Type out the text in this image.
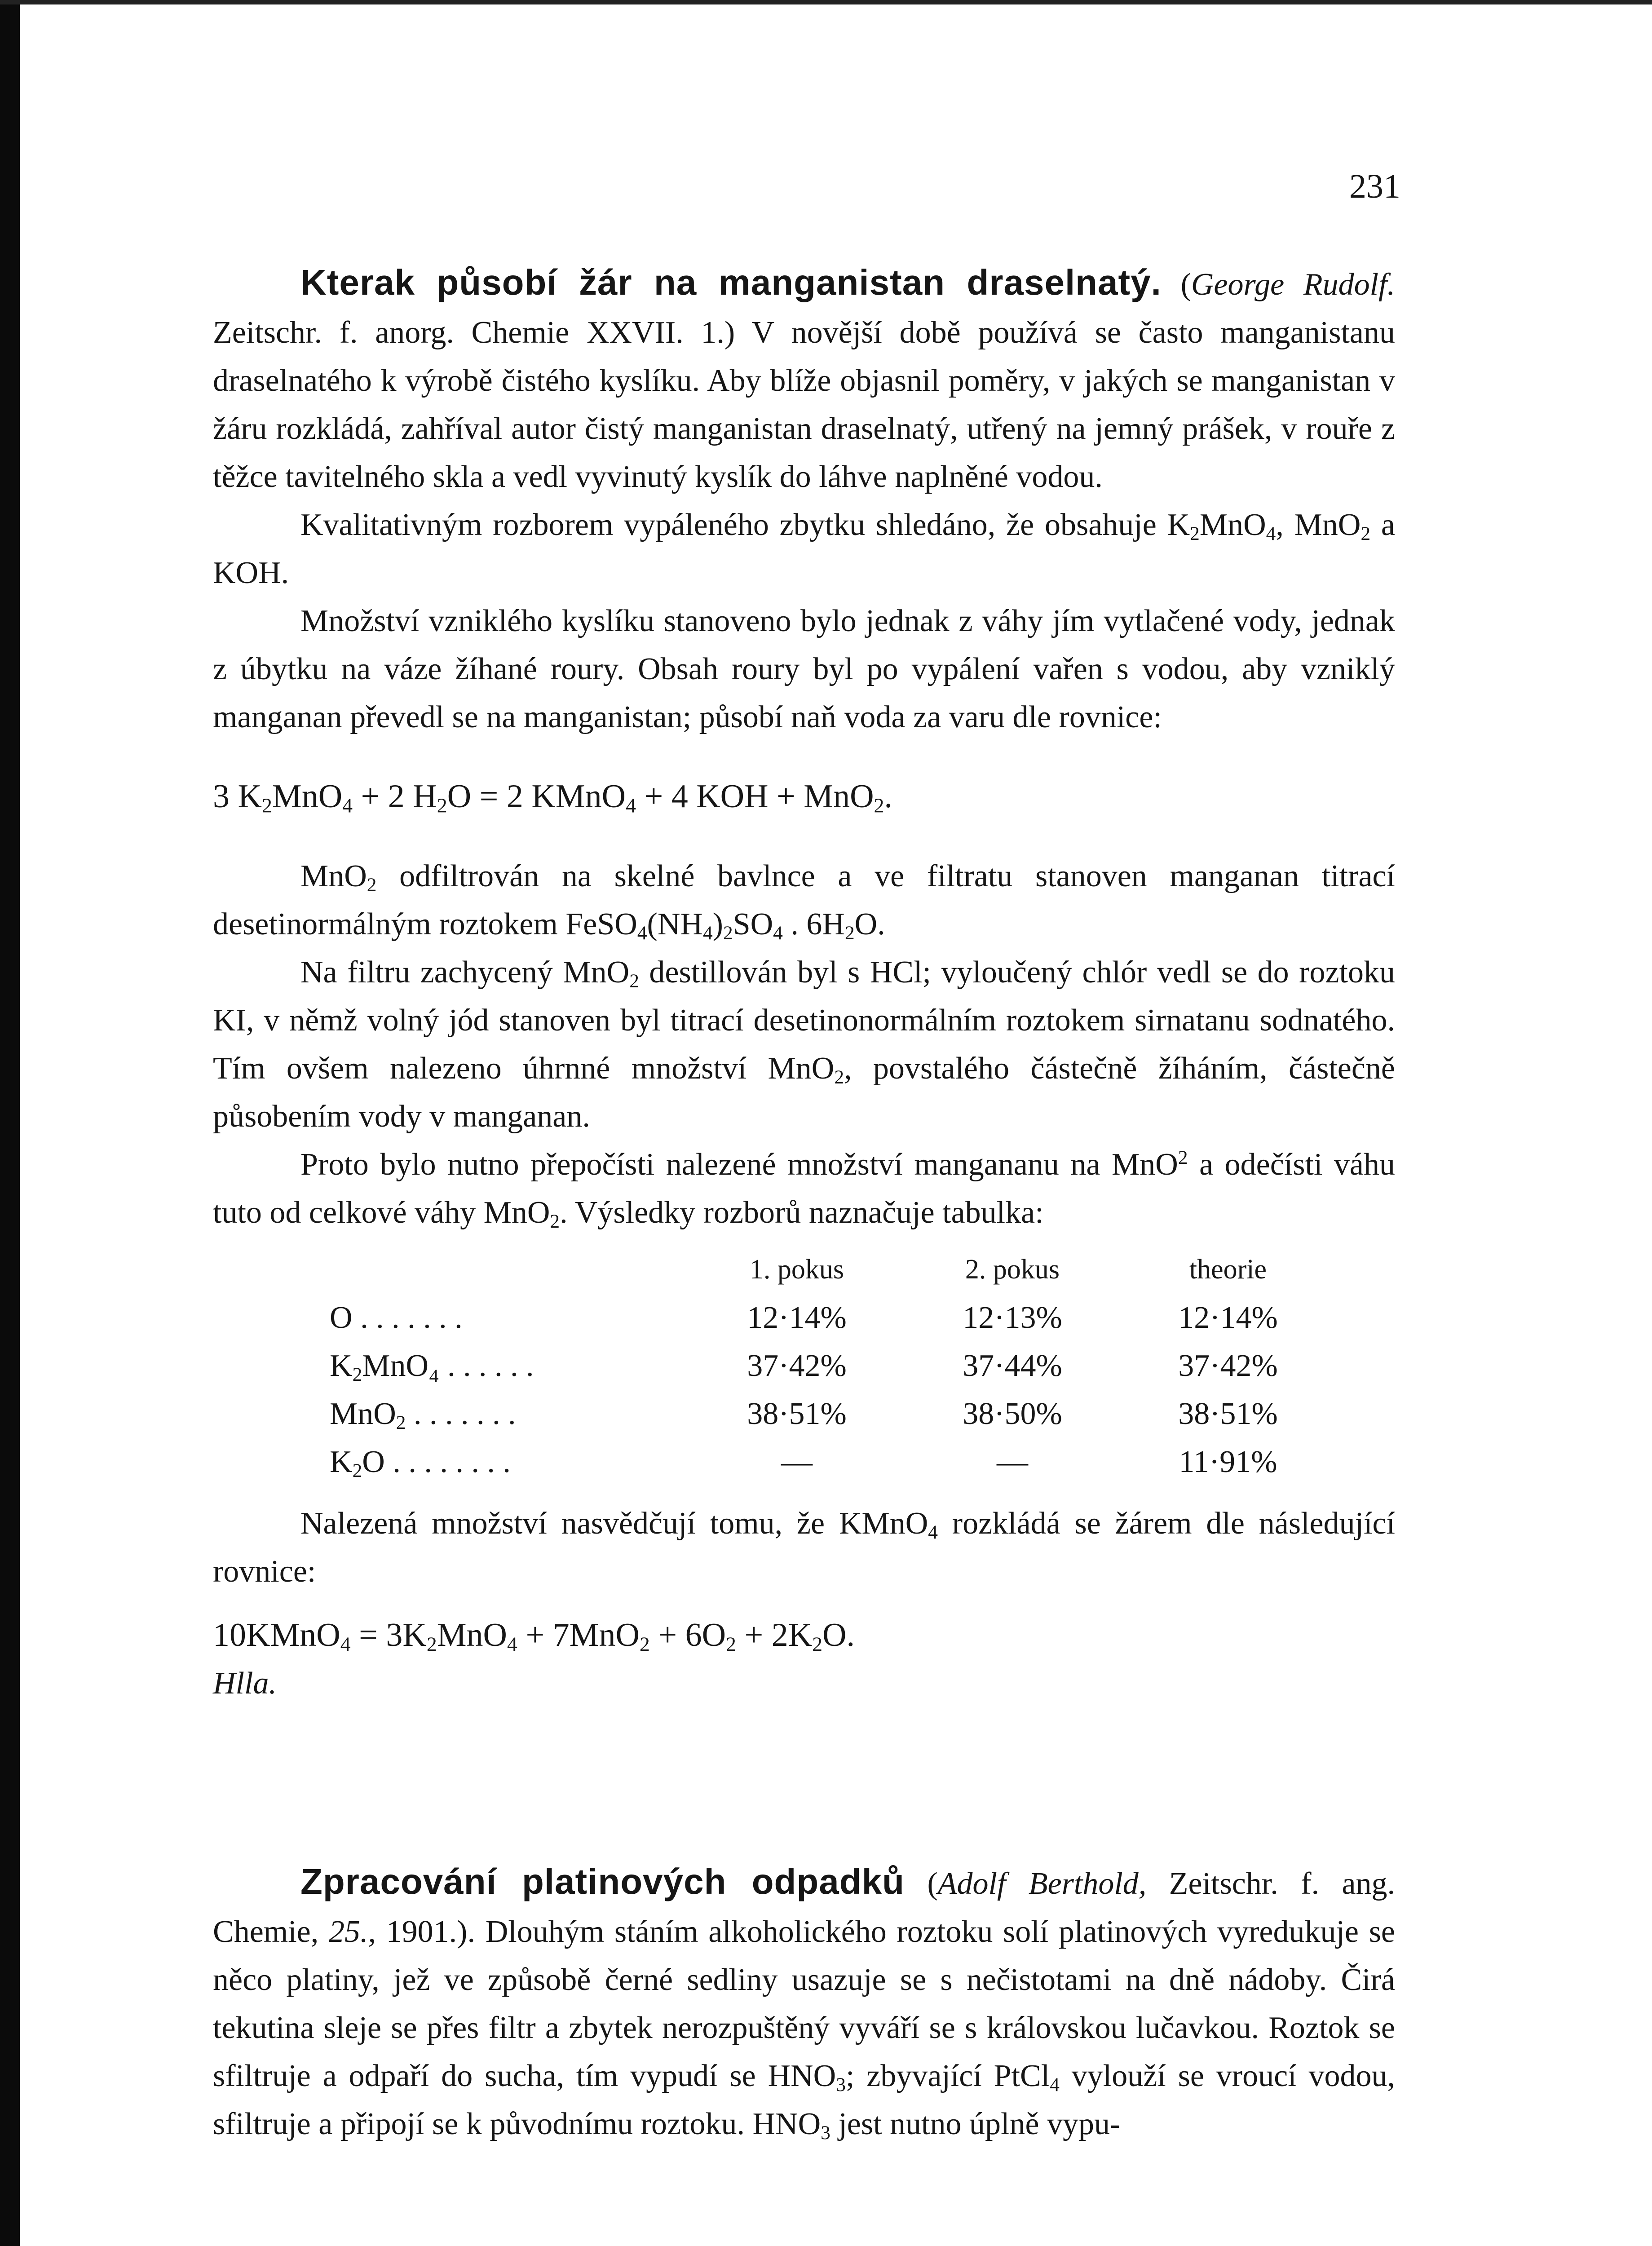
231

Kterak působí žár na manganistan draselnatý. (George Rudolf. Zeitschr. f. anorg. Chemie XXVII. 1.) V novější době používá se často manganistanu draselnatého k výrobě čistého kyslíku. Aby blíže objasnil poměry, v jakých se manganistan v žáru rozkládá, zahříval autor čistý manganistan draselnatý, utřený na jemný prášek, v rouře z těžce tavitelného skla a vedl vyvinutý kyslík do láhve naplněné vodou.

Kvalitativným rozborem vypáleného zbytku shledáno, že obsahuje $K_2MnO_4$, MnO$_2$ a KOH.

Množství vzniklého kyslíku stanoveno bylo jednak z váhy jím vytlačené vody, jednak z úbytku na váze žíhané roury. Obsah roury byl po vypálení vařen s vodou, aby vzniklý manganan převedl se na manganistan; působí naň voda za varu dle rovnice:

3 $K_2MnO_4 + 2$ $H_2O = 2$ KMnO$_4$ + 4 KOH + MnO$_2$.

MnO$_2$ odfiltrován na skelné bavlnce a ve filtratu stanoven manganan titrací desetinormálným roztokem $FeSO_4(NH_4)_2SO_4$ . $6H_2O$.

Na filtru zachycený MnO$_2$ destillován byl s HCl; vyloučený chlór vedl se do roztoku KI, v němž volný jód stanoven byl titrací desetinonormálním roztokem sirnatanu sodnatého. Tím ovšem nalezeno úhrnné množství MnO$_2$, povstalého částečně žíháním, částečně působením vody v manganan.

Proto bylo nutno přepočísti nalezené množství mangananu na MnO$^2$ a odečísti váhu tuto od celkové váhy MnO$_2$. Výsledky rozborů naznačuje tabulka:

	1. pokus	2. pokus	theorie
O . . . . . . .	12·14%	12·13%	12·14%
$K_2MnO_4$ . . . . . .	37·42%	37·44%	37·42%
MnO$_2$ . . . . . . .	38·51%	38·50%	38·51%
$K_2O$ . . . . . . . .	—	—	11·91%

Nalezená množství nasvědčují tomu, že KMnO$_4$ rozkládá se žárem dle následující rovnice:

10KMnO$_4$ = $3K_2MnO_4 + 7MnO_2 + 6O_2 + 2K_2O$.

Hlla.

Zpracování platinových odpadků (Adolf Berthold, Zeitschr. f. ang. Chemie, 25., 1901.). Dlouhým stáním alkoholického roztoku solí platinových vyredukuje se něco platiny, jež ve způsobě černé sedliny usazuje se s nečistotami na dně nádoby. Čirá tekutina sleje se přes filtr a zbytek nerozpuštěný vyváří se s královskou lučavkou. Roztok se sfiltruje a odpaří do sucha, tím vypudí se $HNO_3$; zbyvající PtCl$_4$ vylouží se vroucí vodou, sfiltruje a připojí se k původnímu roztoku. $HNO_3$ jest nutno úplně vypu-
